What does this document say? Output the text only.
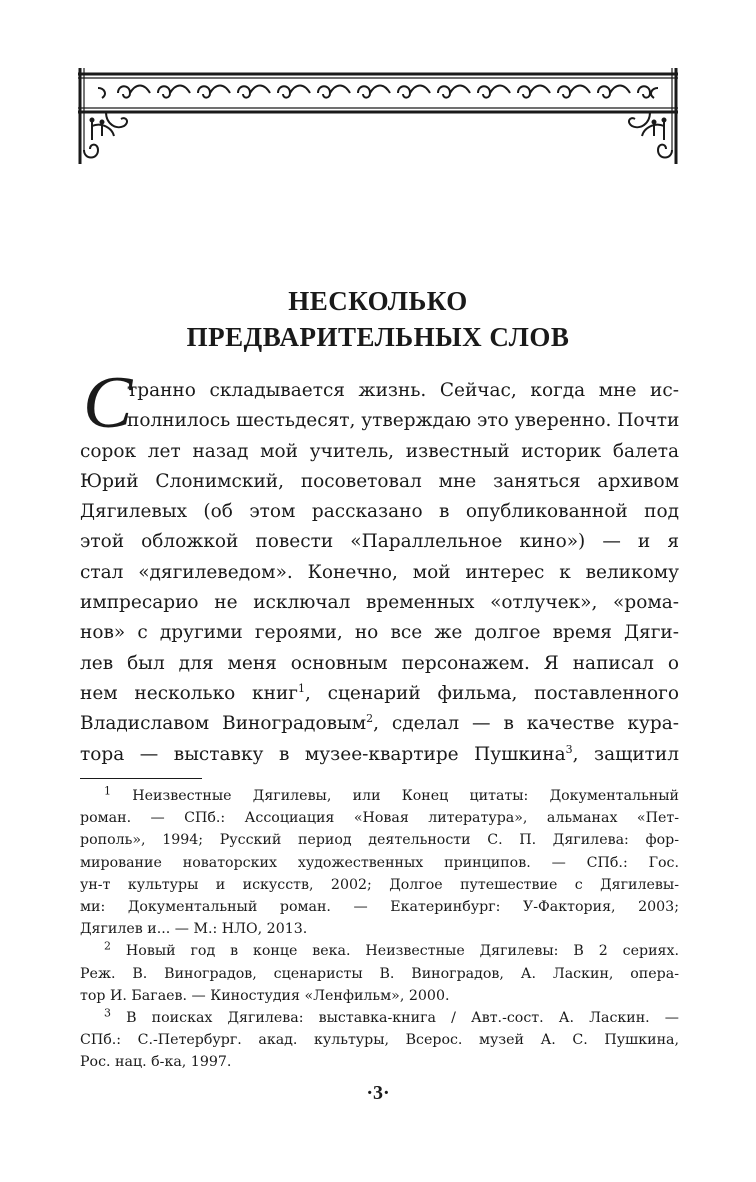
НЕСКОЛЬКО
ПРЕДВАРИТЕЛЬНЫХ СЛОВ
С
транно складывается жизнь. Сейчас, когда мне ис-
полнилось шестьдесят, утверждаю это уверенно. Почти
сорок лет назад мой учитель, известный историк балета
Юрий Слонимский, посоветовал мне заняться архивом
Дягилевых (об этом рассказано в опубликованной под
этой обложкой повести «Параллельное кино») — и я
стал «дягилеведом». Конечно, мой интерес к великому
импресарио не исключал временных «отлучек», «рома-
нов» с другими героями, но все же долгое время Дяги-
лев был для меня основным персонажем. Я написал о
нем несколько книг$^1$, сценарий фильма, поставленного
Владиславом Виноградовым$^2$, сделал — в качестве кура-
тора — выставку в музее-квартире Пушкина$^3$, защитил
$^1$ Неизвестные Дягилевы, или Конец цитаты: Документальный
роман. — СПб.: Ассоциация «Новая литература», альманах «Пет-
рополь», 1994; Русский период деятельности С. П. Дягилева: фор-
мирование новаторских художественных принципов. — СПб.: Гос.
ун-т культуры и искусств, 2002; Долгое путешествие с Дягилевы-
ми: Документальный роман. — Екатеринбург: У-Фактория, 2003;
Дягилев и... — М.: НЛО, 2013.
$^2$ Новый год в конце века. Неизвестные Дягилевы: В 2 сериях.
Реж. В. Виноградов, сценаристы В. Виноградов, А. Ласкин, опера-
тор И. Багаев. — Киностудия «Ленфильм», 2000.
$^3$ В поисках Дягилева: выставка-книга / Авт.-сост. А. Ласкин. —
СПб.: С.-Петербург. акад. культуры, Всерос. музей А. С. Пушкина,
Рос. нац. б-ка, 1997.
·3·
